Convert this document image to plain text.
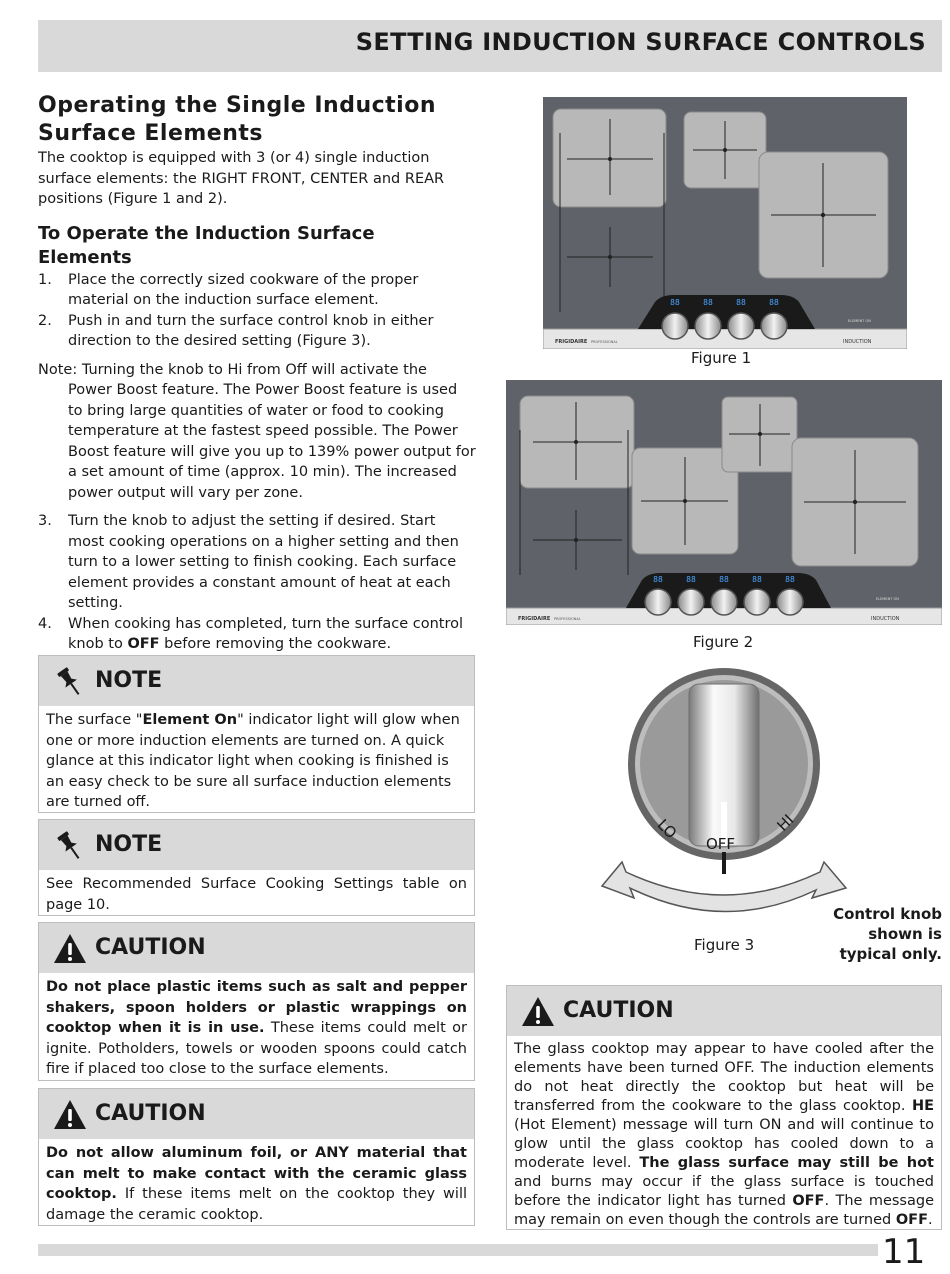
SETTING INDUCTION SURFACE CONTROLS
Operating the Single Induction
Surface Elements

The cooktop is equipped with 3 (or 4) single induction surface elements: the RIGHT FRONT, CENTER and REAR positions (Figure 1 and 2).

To Operate the Induction Surface
Elements
1. Place the correctly sized cookware of the proper material on the induction surface element.
2. Push in and turn the surface control knob in either direction to the desired setting (Figure 3).
Note: Turning the knob to Hi from Off will activate the
Power Boost feature. The Power Boost feature is used to bring large quantities of water or food to cooking temperature at the fastest speed possible. The Power Boost feature will give you up to 139% power output for a set amount of time (approx. 10 min). The increased power output will vary per zone.
3. Turn the knob to adjust the setting if desired. Start most cooking operations on a higher setting and then turn to a lower setting to finish cooking. Each surface element provides a constant amount of heat at each setting.
4. When cooking has completed, turn the surface control knob to OFF before removing the cookware.
NOTE
The surface "Element On" indicator light will glow when one or more induction elements are turned on. A quick glance at this indicator light when cooking is finished is an easy check to be sure all surface induction elements are turned off.
NOTE
See Recommended Surface Cooking Settings table on page 10.
CAUTION
Do not place plastic items such as salt and pepper shakers, spoon holders or plastic wrappings on cooktop when it is in use. These items could melt or ignite. Potholders, towels or wooden spoons could catch fire if placed too close to the surface elements.
CAUTION
Do not allow aluminum foil, or ANY material that can melt to make contact with the ceramic glass cooktop. If these items melt on the cooktop they will damage the ceramic cooktop.
88	88	88	88
FRIGIDAIRE PROFESSIONAL	INDUCTION
ELEMENT ON
Figure 1
88	88	88	88	88
FRIGIDAIRE PROFESSIONAL	INDUCTION
ELEMENT ON
Figure 2
LO
OFF
HI
Figure 3
Control knob
shown is
typical only.
CAUTION
The glass cooktop may appear to have cooled after the elements have been turned OFF. The induction elements do not heat directly the cooktop but heat will be transferred from the cookware to the glass cooktop. HE (Hot Element) message will turn ON and will continue to glow until the glass cooktop has cooled down to a moderate level. The glass surface may still be hot and burns may occur if the glass surface is touched before the indicator light has turned OFF. The message may remain on even though the controls are turned OFF.
11
